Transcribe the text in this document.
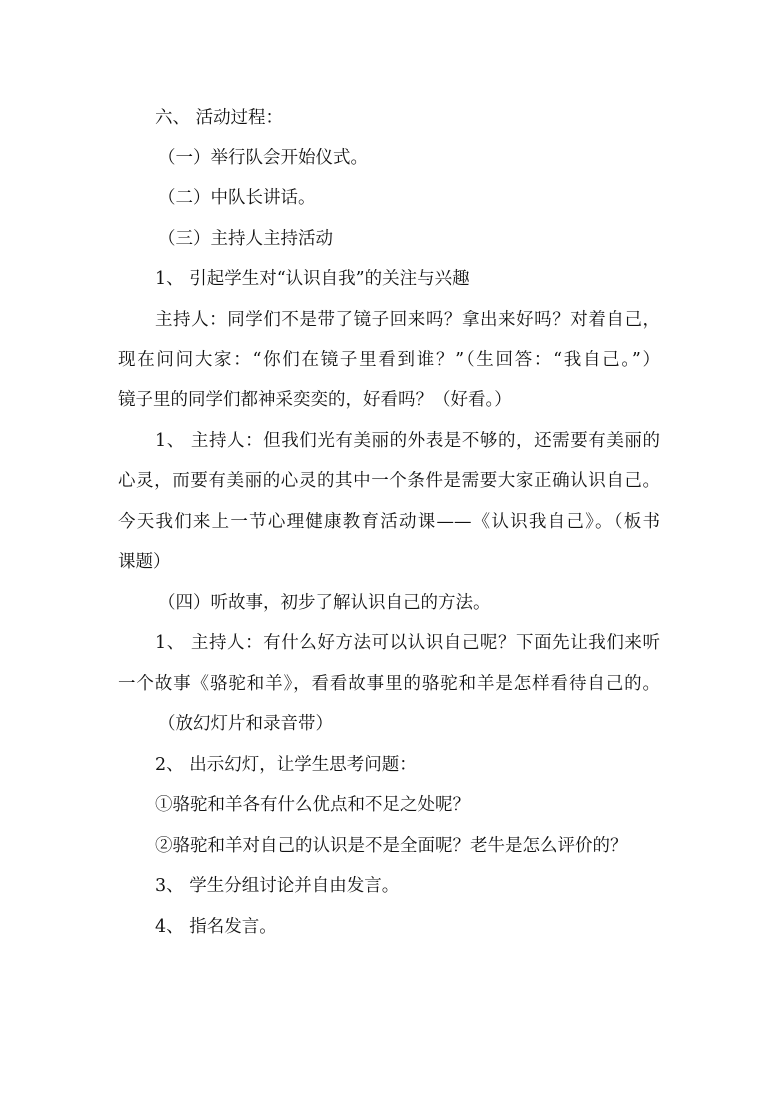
六、 活动过程：
（一）举行队会开始仪式。
（二）中队长讲话。
（三）主持人主持活动
1、 引起学生对“认识自我”的关注与兴趣
主持人：同学们不是带了镜子回来吗？拿出来好吗？对着自己，
现在问问大家：“你们在镜子里看到谁？”（生回答：“我自己。”）
镜子里的同学们都神采奕奕的，好看吗？（好看。）
1、 主持人：但我们光有美丽的外表是不够的，还需要有美丽的
心灵，而要有美丽的心灵的其中一个条件是需要大家正确认识自己。
今天我们来上一节心理健康教育活动课——《认识我自己》。（板书
课题）
（四）听故事，初步了解认识自己的方法。
1、 主持人：有什么好方法可以认识自己呢？下面先让我们来听
一个故事《骆驼和羊》，看看故事里的骆驼和羊是怎样看待自己的。
（放幻灯片和录音带）
2、 出示幻灯，让学生思考问题：
①骆驼和羊各有什么优点和不足之处呢？
②骆驼和羊对自己的认识是不是全面呢？老牛是怎么评价的？
3、 学生分组讨论并自由发言。
4、 指名发言。
